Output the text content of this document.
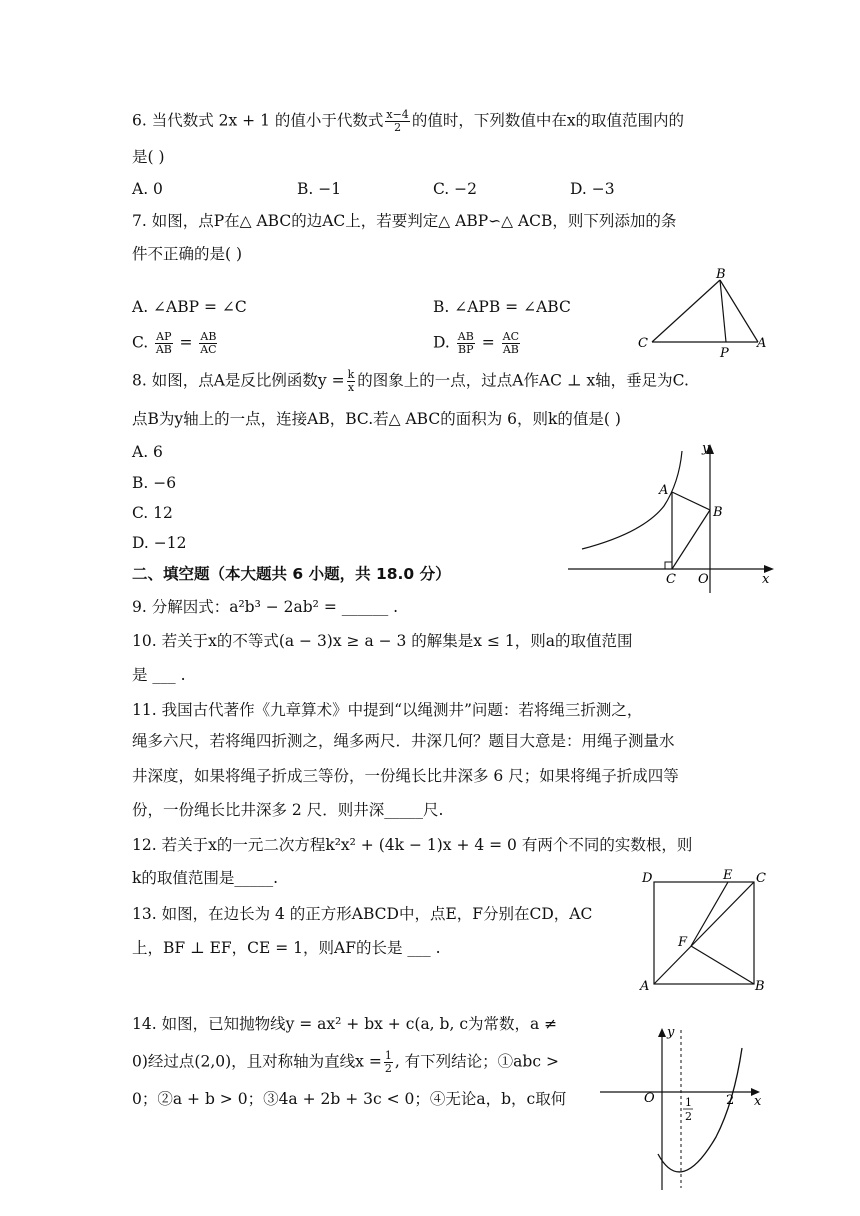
6. 当代数式 2x + 1 的值小于代数式 $\frac{x-4}{2}$ 的值时，下列数值中在x的取值范围内的
是( )
A. 0	B. −1	C. −2	D. −3
7. 如图，点P在△ ABC的边AC上，若要判定△ ABP∽△ ACB，则下列添加的条
件不正确的是( )
A. ∠ABP = ∠C	B. ∠APB = ∠ABC
C. $\frac{AP}{AB} = \frac{AB}{AC}$	D. $\frac{AB}{BP} = \frac{AC}{AB}$
B
C
P
A
8. 如图，点A是反比例函数$y = \frac{k}{x}$ 的图象上的一点，过点A作AC ⊥ x轴，垂足为C.
点B为y轴上的一点，连接AB，BC.若△ ABC的面积为 6，则k的值是( )
A. 6
B. −6
C. 12
D. −12
y
A
B
C O	x
二、填空题（本大题共 6 小题，共 18.0 分）
9. 分解因式：a²b³ − 2ab² = ______ .
10. 若关于x的不等式(a − 3)x ≥ a − 3 的解集是x ≤ 1，则a的取值范围
是 ___ .
11. 我国古代著作《九章算术》中提到“以绳测井”问题：若将绳三折测之，
绳多六尺，若将绳四折测之，绳多两尺．井深几何？题目大意是：用绳子测量水
井深度，如果将绳子折成三等份，一份绳长比井深多 6 尺；如果将绳子折成四等
份，一份绳长比井深多 2 尺．则井深_____尺.
12. 若关于x的一元二次方程k²x² + (4k − 1)x + 4 = 0 有两个不同的实数根，则
k的取值范围是_____.
13. 如图，在边长为 4 的正方形ABCD中，点E，F分别在CD，AC
上，BF ⊥ EF，CE = 1，则AF的长是 ___ .
D	E C
F
A	B
14. 如图，已知抛物线y = ax² + bx + c(a, b, c为常数，a ≠
0)经过点(2,0)，且对称轴为直线$x = \frac{1}{2}$ , 有下列结论；①abc >
0；②a + b > 0；③4a + 2b + 3c < 0；④无论a，b，c取何
y
O	1
2
2 x
